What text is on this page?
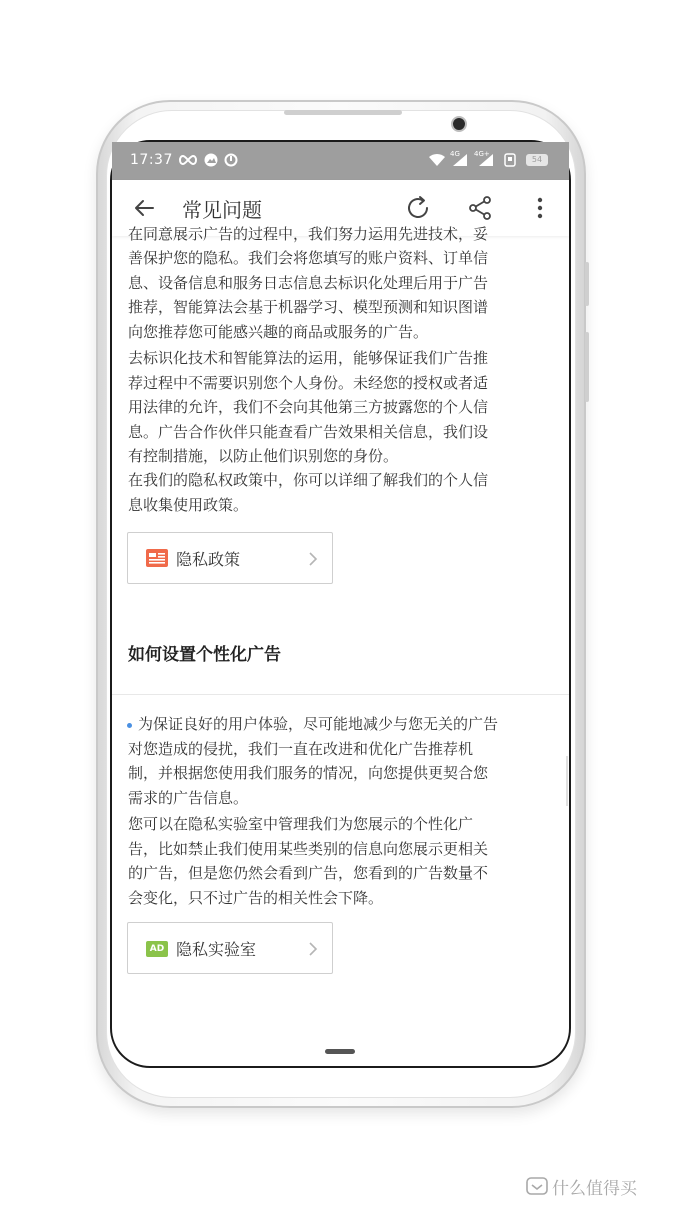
17:37	4G 4G+
54
常见问题
在同意展示广告的过程中，我们努力运用先进技术，妥
善保护您的隐私。我们会将您填写的账户资料、订单信
息、设备信息和服务日志信息去标识化处理后用于广告
推荐，智能算法会基于机器学习、模型预测和知识图谱
向您推荐您可能感兴趣的商品或服务的广告。
去标识化技术和智能算法的运用，能够保证我们广告推
荐过程中不需要识别您个人身份。未经您的授权或者适
用法律的允许，我们不会向其他第三方披露您的个人信
息。广告合作伙伴只能查看广告效果相关信息，我们设
有控制措施，以防止他们识别您的身份。
在我们的隐私权政策中，你可以详细了解我们的个人信
息收集使用政策。
隐私政策
如何设置个性化广告
为保证良好的用户体验，尽可能地减少与您无关的广告
对您造成的侵扰，我们一直在改进和优化广告推荐机
制，并根据您使用我们服务的情况，向您提供更契合您
需求的广告信息。
您可以在隐私实验室中管理我们为您展示的个性化广
告，比如禁止我们使用某些类别的信息向您展示更相关
的广告，但是您仍然会看到广告，您看到的广告数量不
会变化，只不过广告的相关性会下降。
AD 隐私实验室
什么值得买
